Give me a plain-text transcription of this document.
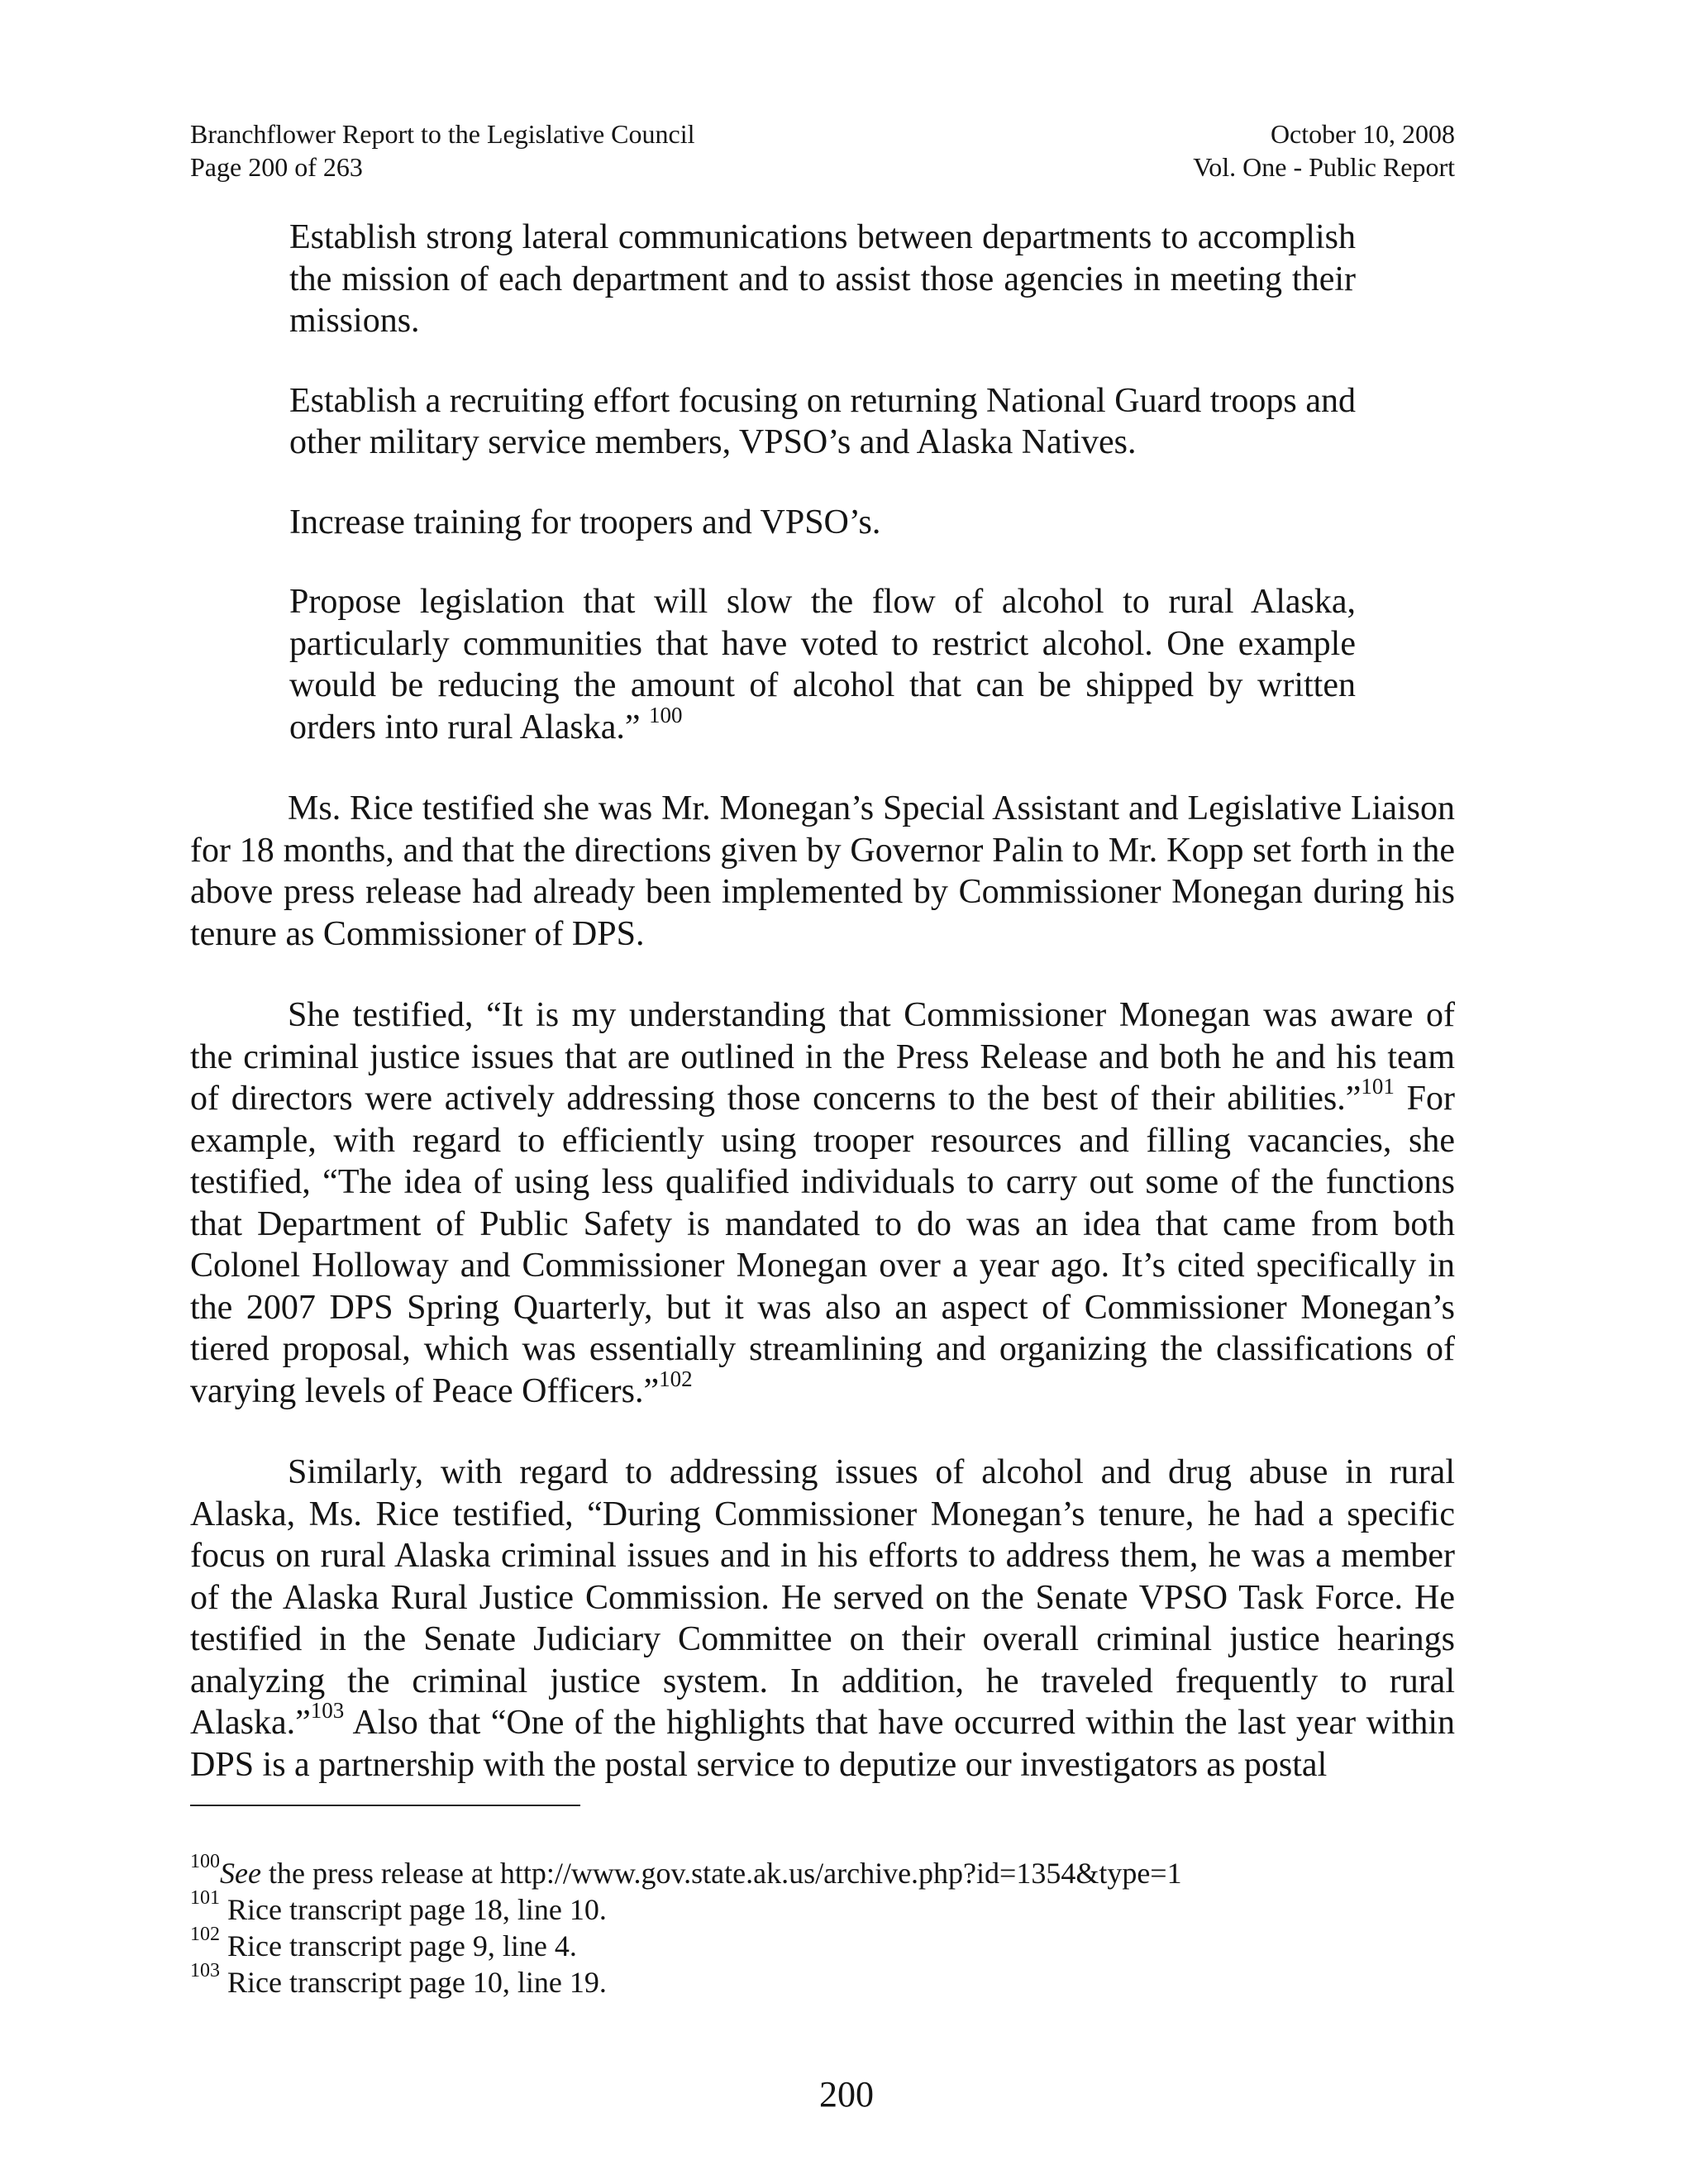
Branchflower Report to the Legislative Council
Page 200 of 263
October 10, 2008
Vol. One - Public Report

Establish strong lateral communications between departments to accomplish the mission of each department and to assist those agencies in meeting their missions.

Establish a recruiting effort focusing on returning National Guard troops and other military service members, VPSO’s and Alaska Natives.

Increase training for troopers and VPSO’s.

Propose legislation that will slow the flow of alcohol to rural Alaska, particularly communities that have voted to restrict alcohol. One example would be reducing the amount of alcohol that can be shipped by written orders into rural Alaska.” $^{100}$

Ms. Rice testified she was Mr. Monegan’s Special Assistant and Legislative Liaison for 18 months, and that the directions given by Governor Palin to Mr. Kopp set forth in the above press release had already been implemented by Commissioner Monegan during his tenure as Commissioner of DPS.

She testified, “It is my understanding that Commissioner Monegan was aware of the criminal justice issues that are outlined in the Press Release and both he and his team of directors were actively addressing those concerns to the best of their abilities.”$^{101}$ For example, with regard to efficiently using trooper resources and filling vacancies, she testified, “The idea of using less qualified individuals to carry out some of the functions that Department of Public Safety is mandated to do was an idea that came from both Colonel Holloway and Commissioner Monegan over a year ago. It’s cited specifically in the 2007 DPS Spring Quarterly, but it was also an aspect of Commissioner Monegan’s tiered proposal, which was essentially streamlining and organizing the classifications of varying levels of Peace Officers.”$^{102}$

Similarly, with regard to addressing issues of alcohol and drug abuse in rural Alaska, Ms. Rice testified, “During Commissioner Monegan’s tenure, he had a specific focus on rural Alaska criminal issues and in his efforts to address them, he was a member of the Alaska Rural Justice Commission. He served on the Senate VPSO Task Force. He testified in the Senate Judiciary Committee on their overall criminal justice hearings analyzing the criminal justice system. In addition, he traveled frequently to rural Alaska.”$^{103}$ Also that “One of the highlights that have occurred within the last year within DPS is a partnership with the postal service to deputize our investigators as postal

$^{100}$See the press release at http://www.gov.state.ak.us/archive.php?id=1354&type=1
$^{101}$ Rice transcript page 18, line 10.
$^{102}$ Rice transcript page 9, line 4.
$^{103}$ Rice transcript page 10, line 19.
200
